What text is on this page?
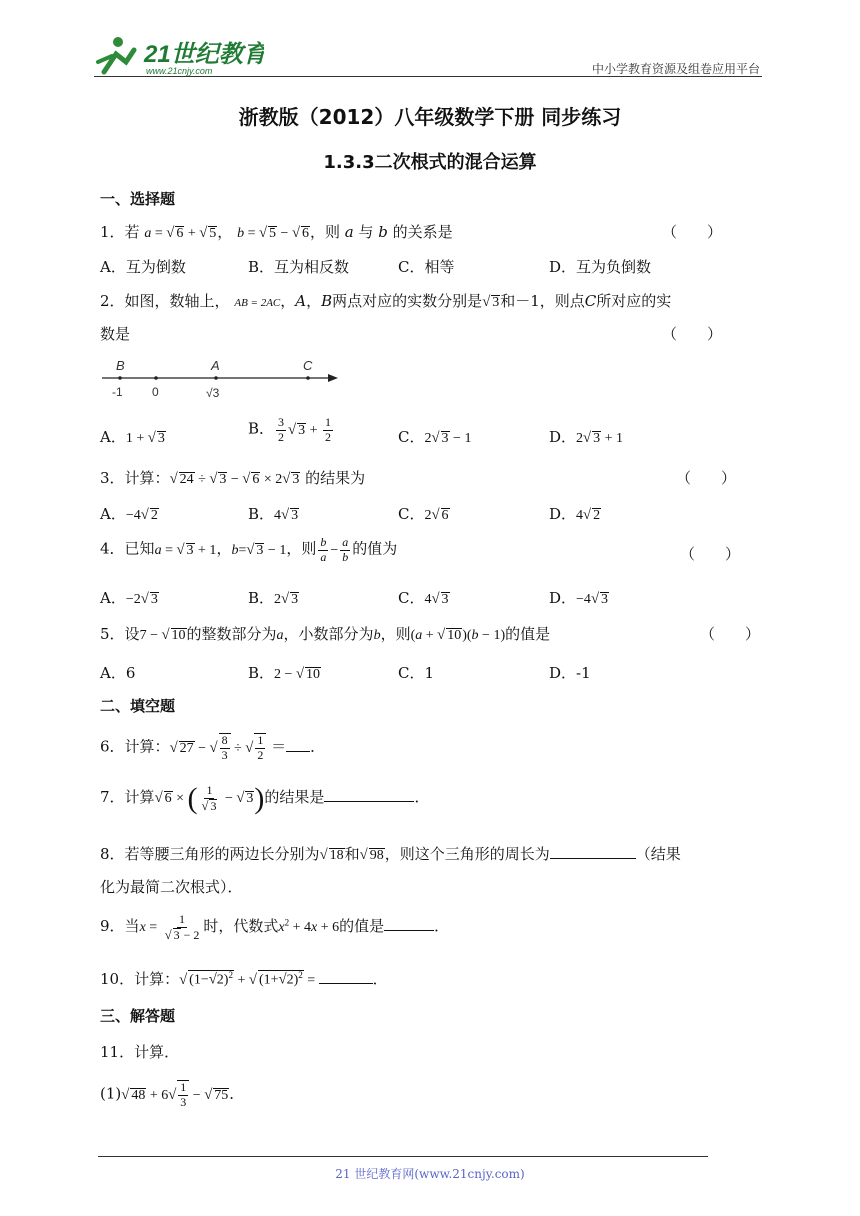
21世纪教育
www.21cnjy.com	中小学教育资源及组卷应用平台
浙教版（2012）八年级数学下册 同步练习
1.3.3二次根式的混合运算
一、选择题
1．若 a = √ 6 + √ 5， b = √ 5 − √ 6，则 a 与 b 的关系是	（　　）
A．互为倒数	B．互为相反数	C．相等	D．互为负倒数
2．如图，数轴上， AB = 2AC，A，B两点对应的实数分别是√ 3和－1，则点C所对应的实
数是	（　　）
B	A	C
-1 0	√3
A．1 + √ 3
B． $\frac{3}{2}$ √ $3 + \frac{1}{2}$	C．2√ 3 − 1	D．2√ 3 + 1
3．计算：√ 24 ÷ √ 3 − √ 6 × 2√ 3 的结果为	（　　）
A．−4√ 2	B．4√ 3	C．2√ 6	D．4√ 2
4．已知a = √ 3 + 1，b=√ 3 − 1，则 $\frac{b}{a} - \frac{a}{b}$ 的值为	（　　）
A．−2√ 3	B．2√ 3	C．4√ 3	D．−4√ 3
5．设7 − √ 10的整数部分为a，小数部分为b，则(a + √ 10)(b − 1)的值是	（　　）
A．6	B．2 − √ 10	C．1	D．-1
二、填空题
6．计算：√ 27 − √ $\frac{8}{3}$ ÷ √ $\frac{1}{2}$ ＝ ．
7．计算√ 6 × ( $\frac{1}{√ 3}$ − √ 3)的结果是	．
8．若等腰三角形的两边长分别为√ 18和√ 98，则这个三角形的周长为	（结果
化为最简二次根式）．
9．当$x = \frac{1}{√ 3 - 2}$ 时，代数式$x^2 + 4x + 6$的值是	．
10．计算：√ $(1-√2)^2$ + √ $(1+√2)^2$ =	．
三、解答题
11．计算．
(1)√ $48 + 6√ \frac{1}{3}$ − √ 75．
21 世纪教育网(www.21cnjy.com)
